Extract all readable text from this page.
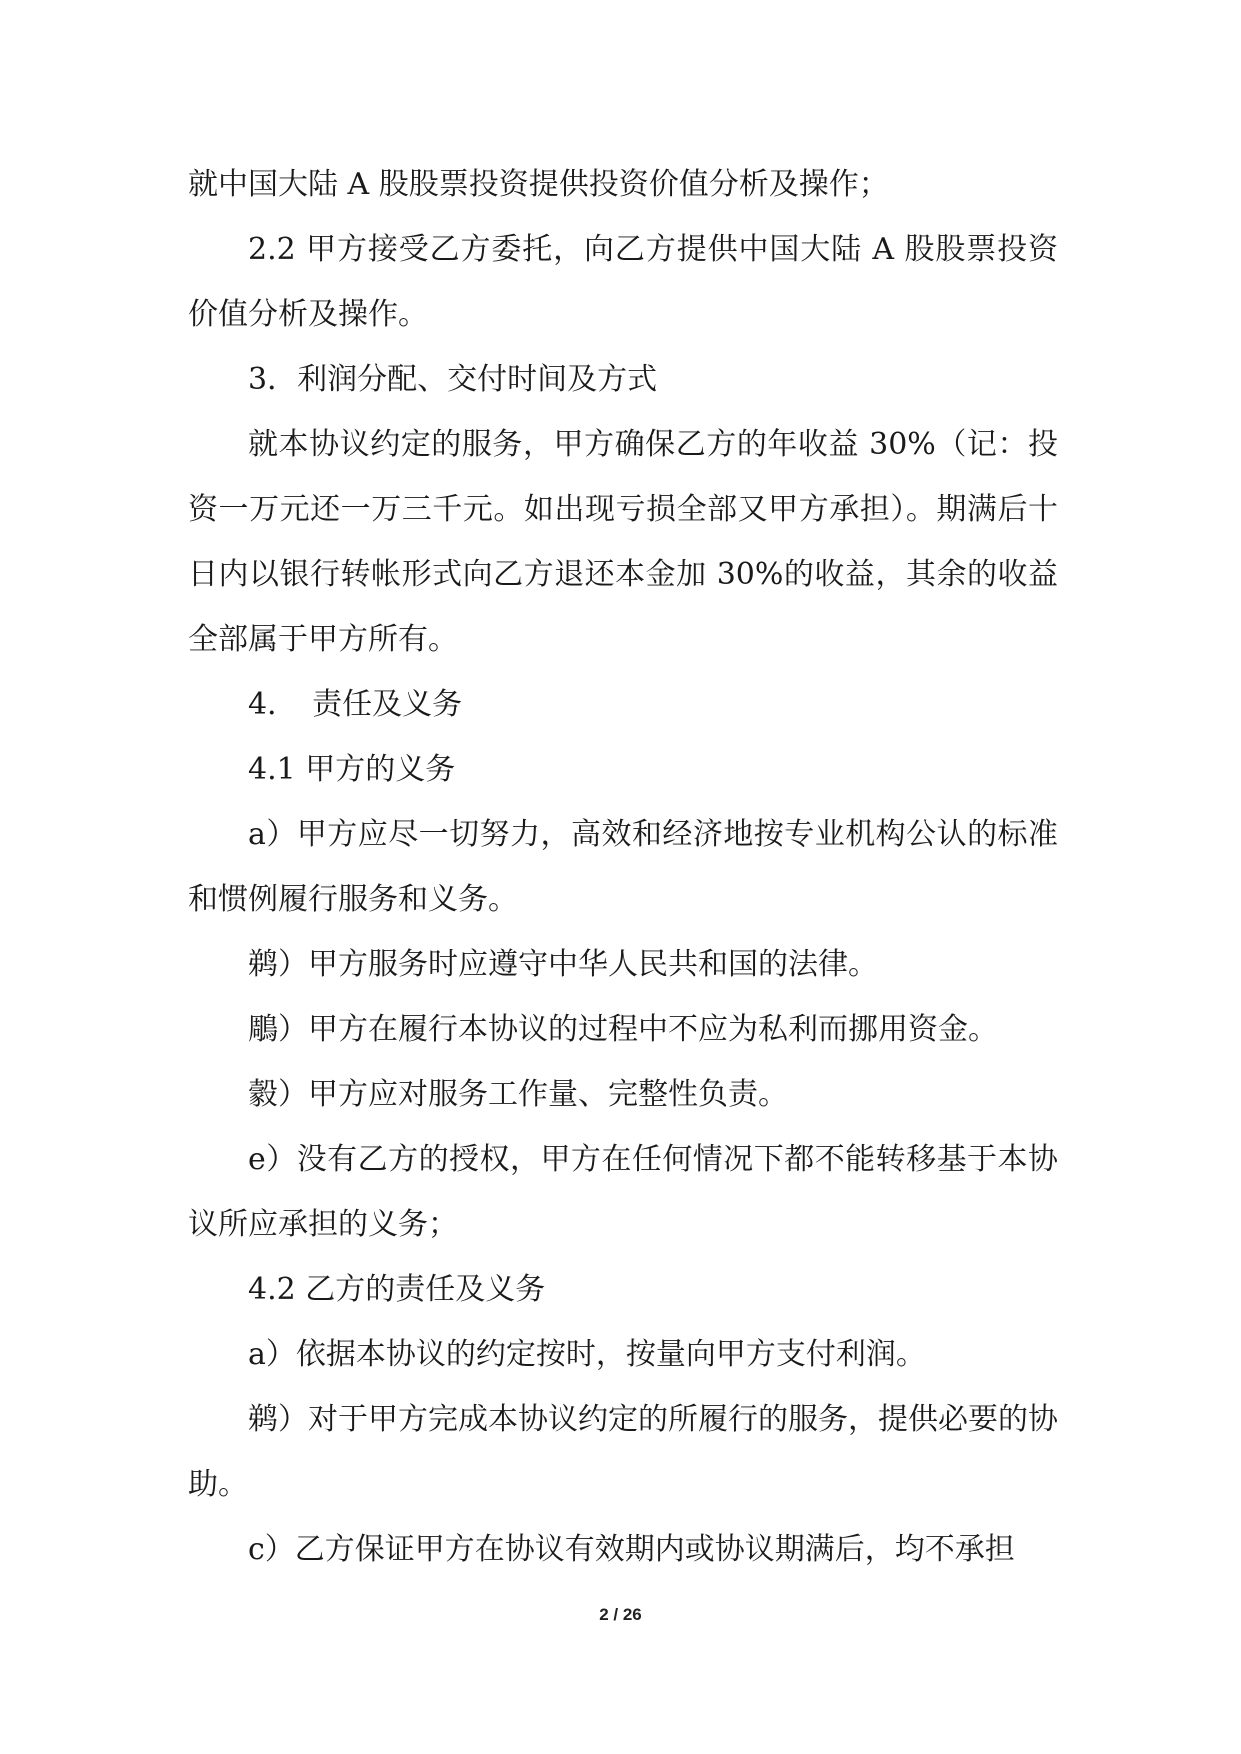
就中国大陆 A 股股票投资提供投资价值分析及操作；

2.2 甲方接受乙方委托，向乙方提供中国大陆 A 股股票投资价值分析及操作。

3．利润分配、交付时间及方式

就本协议约定的服务，甲方确保乙方的年收益 30%（记：投资一万元还一万三千元。如出现亏损全部又甲方承担）。期满后十日内以银行转帐形式向乙方退还本金加 30%的收益，其余的收益全部属于甲方所有。

4．　责任及义务

4.1 甲方的义务

a）甲方应尽一切努力，高效和经济地按专业机构公认的标准和惯例履行服务和义务。

鹈）甲方服务时应遵守中华人民共和国的法律。

鵰）甲方在履行本协议的过程中不应为私利而挪用资金。

豰）甲方应对服务工作量、完整性负责。

e）没有乙方的授权，甲方在任何情况下都不能转移基于本协议所应承担的义务；

4.2 乙方的责任及义务

a）依据本协议的约定按时，按量向甲方支付利润。

鹈）对于甲方完成本协议约定的所履行的服务，提供必要的协助。

c）乙方保证甲方在协议有效期内或协议期满后，均不承担

2 / 26
